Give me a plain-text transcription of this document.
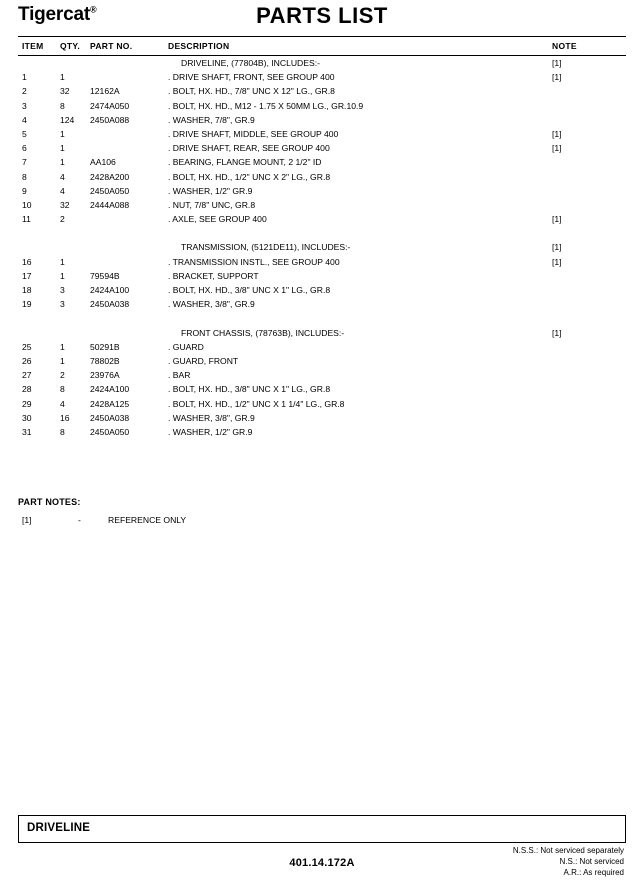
Tigercat®	PARTS LIST
ITEM QTY. PART NO.	DESCRIPTION	NOTE
DRIVELINE, (77804B), INCLUDES:-	[1]
1	1	. DRIVE SHAFT, FRONT, SEE GROUP 400	[1]
2	32 12162A	. BOLT, HX. HD., 7/8" UNC X 12" LG., GR.8
3	8	2474A050	. BOLT, HX. HD., M12 - 1.75 X 50MM LG., GR.10.9
4	124 2450A088	. WASHER, 7/8", GR.9
5	1	. DRIVE SHAFT, MIDDLE, SEE GROUP 400	[1]
6	1	. DRIVE SHAFT, REAR, SEE GROUP 400	[1]
7	1	AA106	. BEARING, FLANGE MOUNT, 2 1/2" ID
8	4	2428A200	. BOLT, HX. HD., 1/2" UNC X 2" LG., GR.8
9	4	2450A050	. WASHER, 1/2" GR.9
10	32 2444A088	. NUT, 7/8" UNC, GR.8
11	2	. AXLE, SEE GROUP 400	[1]
TRANSMISSION, (5121DE11), INCLUDES:-	[1]
16	1	. TRANSMISSION INSTL., SEE GROUP 400	[1]
17	1	79594B	. BRACKET, SUPPORT
18	3	2424A100	. BOLT, HX. HD., 3/8" UNC X 1" LG., GR.8
19	3	2450A038	. WASHER, 3/8", GR.9
FRONT CHASSIS, (78763B), INCLUDES:-	[1]
25	1	50291B	. GUARD
26	1	78802B	. GUARD, FRONT
27	2	23976A	. BAR
28	8	2424A100	. BOLT, HX. HD., 3/8" UNC X 1" LG., GR.8
29	4	2428A125	. BOLT, HX. HD., 1/2" UNC X 1 1/4" LG., GR.8
30	16 2450A038	. WASHER, 3/8", GR.9
31	8	2450A050	. WASHER, 1/2" GR.9
PART NOTES:
[1]	-	REFERENCE ONLY
DRIVELINE
401.14.172A
N.S.S.: Not serviced separately
N.S.: Not serviced
A.R.: As required
